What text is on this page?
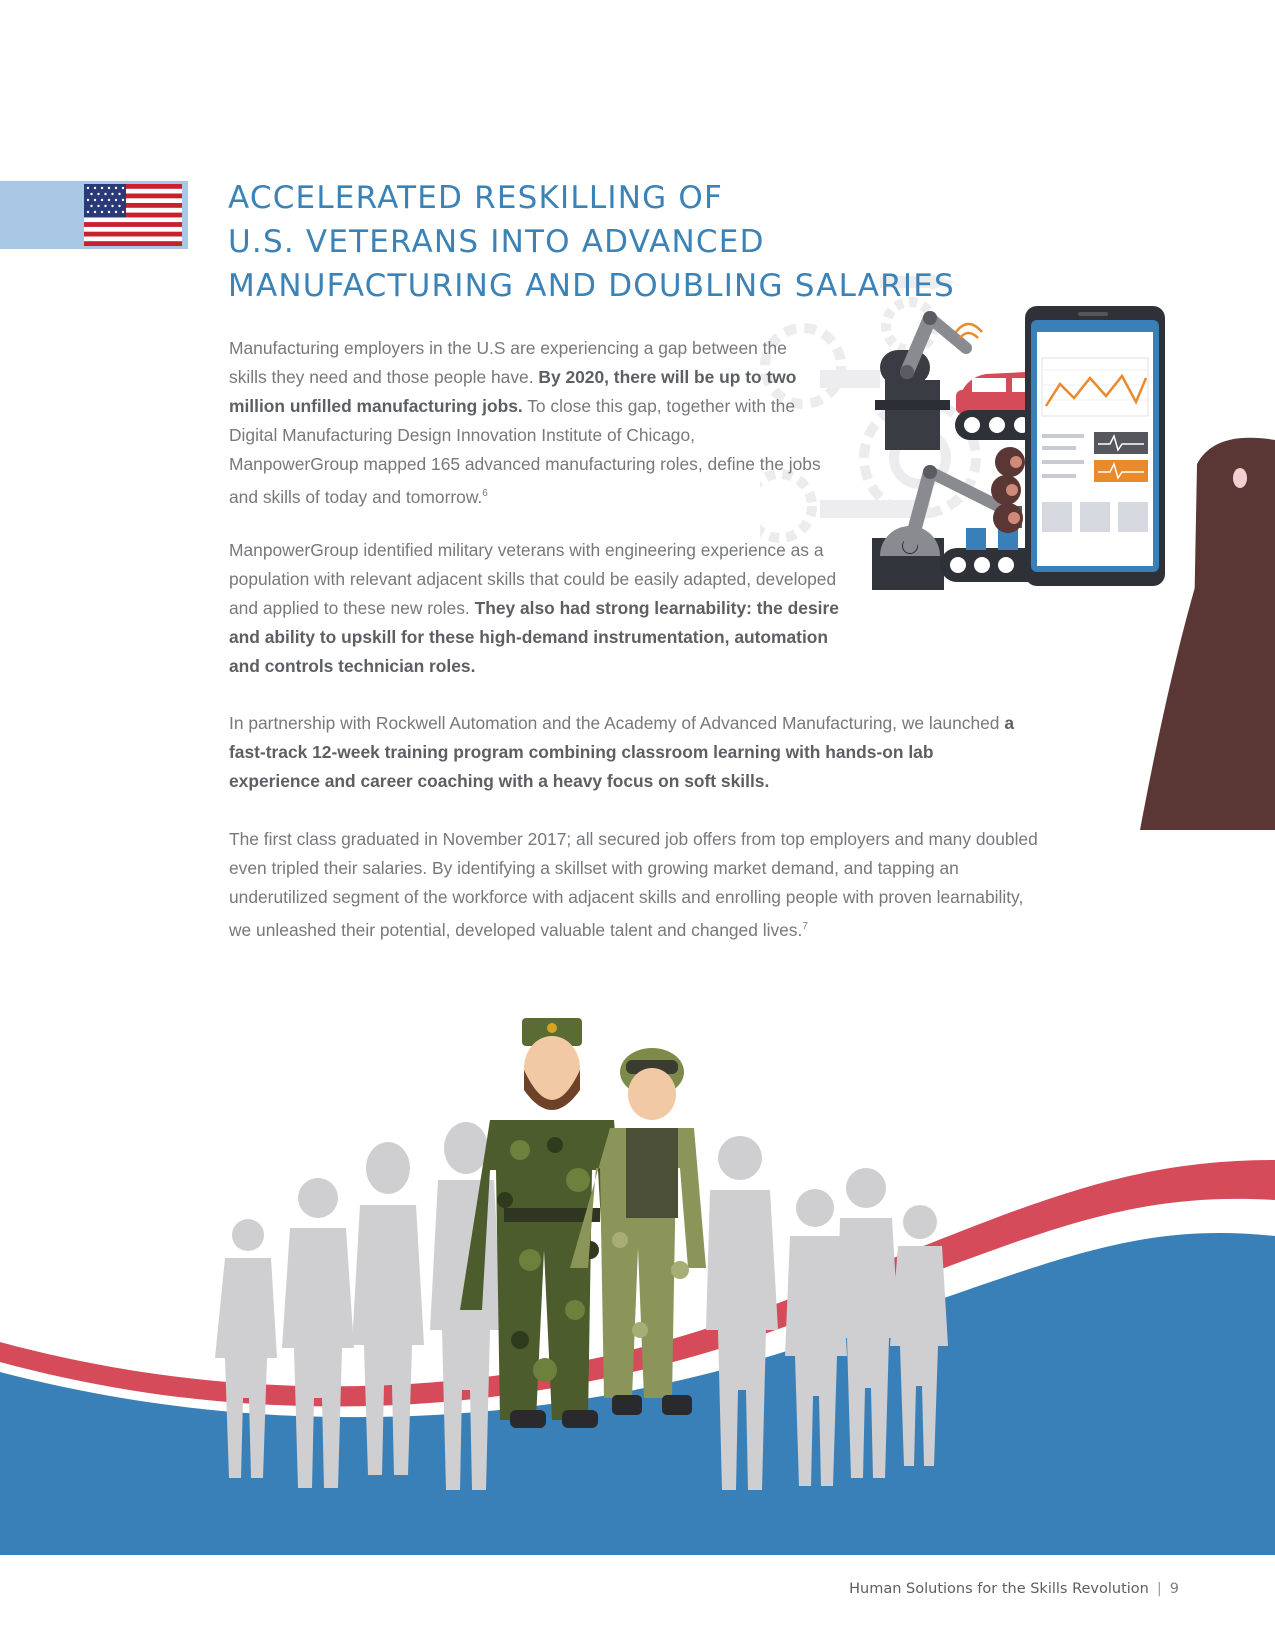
ACCELERATED RESKILLING OF
U.S. VETERANS INTO ADVANCED
MANUFACTURING AND DOUBLING SALARIES

Manufacturing employers in the U.S are experiencing a gap between the skills they need and those people have. By 2020, there will be up to two million unfilled manufacturing jobs. To close this gap, together with the Digital Manufacturing Design Innovation Institute of Chicago, ManpowerGroup mapped 165 advanced manufacturing roles, define the jobs and skills of today and tomorrow.$^6$

ManpowerGroup identified military veterans with engineering experience as a population with relevant adjacent skills that could be easily adapted, developed and applied to these new roles. They also had strong learnability: the desire and ability to upskill for these high-demand instrumentation, automation and controls technician roles.

In partnership with Rockwell Automation and the Academy of Advanced Manufacturing, we launched a fast-track 12-week training program combining classroom learning with hands-on lab experience and career coaching with a heavy focus on soft skills.

The first class graduated in November 2017; all secured job offers from top employers and many doubled even tripled their salaries. By identifying a skillset with growing market demand, and tapping an underutilized segment of the workforce with adjacent skills and enrolling people with proven learnability, we unleashed their potential, developed valuable talent and changed lives.$^7$

Human Solutions for the Skills Revolution | 9
